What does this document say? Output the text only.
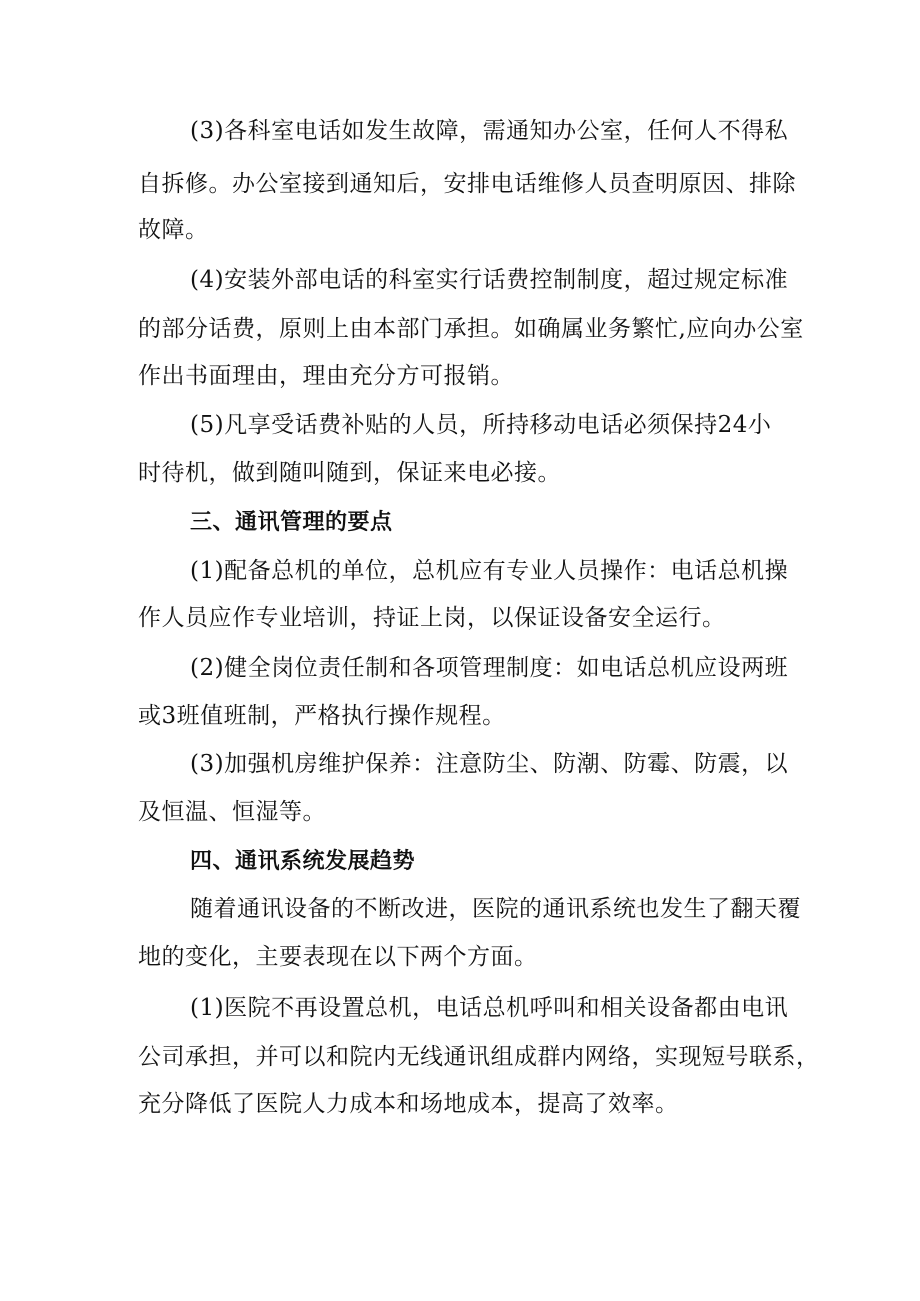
(3)各科室电话如发生故障，需通知办公室，任何人不得私
自拆修。办公室接到通知后，安排电话维修人员查明原因、排除
故障。
(4)安装外部电话的科室实行话费控制制度，超过规定标准
的部分话费，原则上由本部门承担。如确属业务繁忙,应向办公室
作出书面理由，理由充分方可报销。
(5)凡享受话费补贴的人员，所持移动电话必须保持24小
时待机，做到随叫随到，保证来电必接。
三、通讯管理的要点
(1)配备总机的单位，总机应有专业人员操作：电话总机操
作人员应作专业培训，持证上岗，以保证设备安全运行。
(2)健全岗位责任制和各项管理制度：如电话总机应设两班
或3班值班制，严格执行操作规程。
(3)加强机房维护保养：注意防尘、防潮、防霉、防震，以
及恒温、恒湿等。
四、通讯系统发展趋势
随着通讯设备的不断改进，医院的通讯系统也发生了翻天覆
地的变化，主要表现在以下两个方面。
(1)医院不再设置总机，电话总机呼叫和相关设备都由电讯
公司承担，并可以和院内无线通讯组成群内网络，实现短号联系，
充分降低了医院人力成本和场地成本，提高了效率。
